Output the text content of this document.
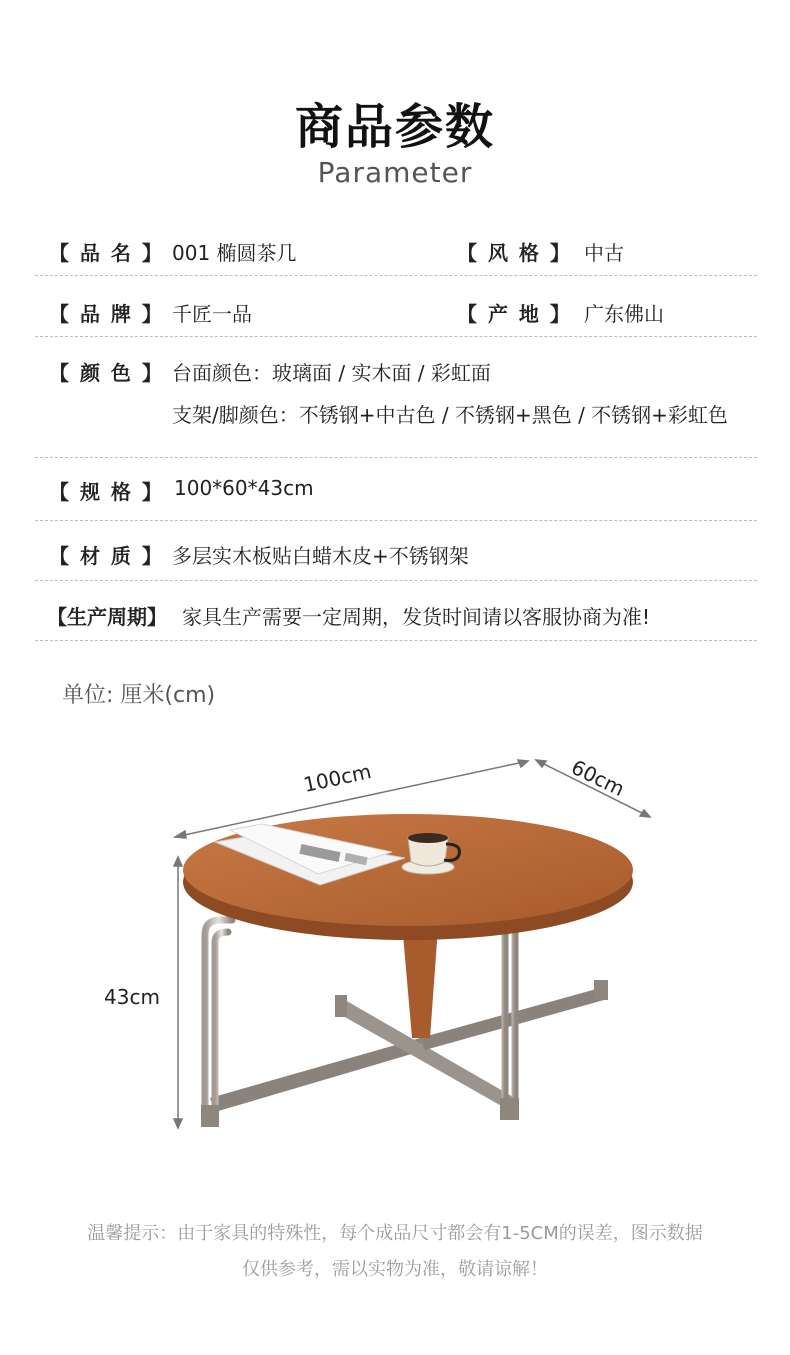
商品参数
Parameter
【 品 名 】 001 椭圆茶几	【 风 格 】 中古
【 品 牌 】 千匠一品	【 产 地 】 广东佛山
【 颜 色 】 台面颜色：玻璃面 / 实木面 / 彩虹面
支架/脚颜色：不锈钢+中古色 / 不锈钢+黑色 / 不锈钢+彩虹色
【 规 格 】 100*60*43cm
【 材 质 】 多层实木板贴白蜡木皮+不锈钢架
【生产周期】 家具生产需要一定周期，发货时间请以客服协商为准!
单位: 厘米(cm)
100cm	60cm
43cm
温馨提示：由于家具的特殊性，每个成品尺寸都会有1-5CM的误差，图示数据
仅供参考，需以实物为准，敬请谅解！
